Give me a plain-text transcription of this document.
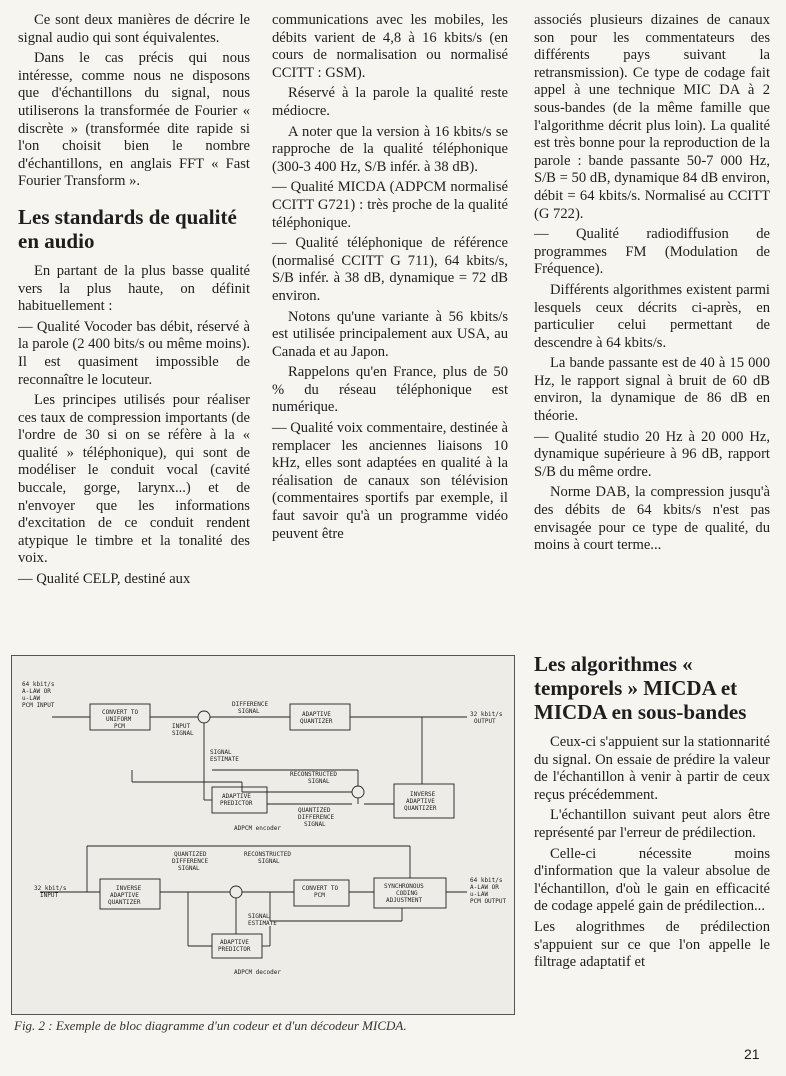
Ce sont deux manières de décrire le signal audio qui sont équivalentes.

Dans le cas précis qui nous intéresse, comme nous ne disposons que d'échantillons du signal, nous utiliserons la transformée de Fourier « discrète » (transformée dite rapide si l'on choisit bien le nombre d'échantillons, en anglais FFT « Fast Fourier Transform ».

Les standards de qualité en audio

En partant de la plus basse qualité vers la plus haute, on définit habituellement :

— Qualité Vocoder bas débit, réservé à la parole (2 400 bits/s ou même moins). Il est quasiment impossible de reconnaître le locuteur.

Les principes utilisés pour réaliser ces taux de compression importants (de l'ordre de 30 si on se réfère à la « qualité » téléphonique), qui sont de modéliser le conduit vocal (cavité buccale, gorge, larynx...) et de n'envoyer que les informations d'excitation de ce conduit rendent atypique le timbre et la tonalité des voix.

— Qualité CELP, destiné aux

communications avec les mobiles, les débits varient de 4,8 à 16 kbits/s (en cours de normalisation ou normalisé CCITT : GSM).

Réservé à la parole la qualité reste médiocre.

A noter que la version à 16 kbits/s se rapproche de la qualité téléphonique (300-3 400 Hz, S/B infér. à 38 dB).

— Qualité MICDA (ADPCM normalisé CCITT G721) : très proche de la qualité téléphonique.

— Qualité téléphonique de référence (normalisé CCITT G 711), 64 kbits/s, S/B infér. à 38 dB, dynamique = 72 dB environ.

Notons qu'une variante à 56 kbits/s est utilisée principalement aux USA, au Canada et au Japon.

Rappelons qu'en France, plus de 50 % du réseau téléphonique est numérique.

— Qualité voix commentaire, destinée à remplacer les anciennes liaisons 10 kHz, elles sont adaptées en qualité à la réalisation de canaux son télévision (commentaires sportifs par exemple, il faut savoir qu'à un programme vidéo peuvent être

associés plusieurs dizaines de canaux son pour les commentateurs des différents pays suivant la retransmission). Ce type de codage fait appel à une technique MIC DA à 2 sous-bandes (de la même famille que l'algorithme décrit plus loin). La qualité est très bonne pour la reproduction de la parole : bande passante 50-7 000 Hz, S/B = 50 dB, dynamique 84 dB environ, débit = 64 kbits/s. Normalisé au CCITT (G 722).

— Qualité radiodiffusion de programmes FM (Modulation de Fréquence).

Différents algorithmes existent parmi lesquels ceux décrits ci-après, en particulier celui permettant de descendre à 64 kbits/s.

La bande passante est de 40 à 15 000 Hz, le rapport signal à bruit de 60 dB environ, la dynamique de 86 dB en théorie.

— Qualité studio 20 Hz à 20 000 Hz, dynamique supérieure à 96 dB, rapport S/B du même ordre.

Norme DAB, la compression jusqu'à des débits de 64 kbits/s n'est pas envisagée pour ce type de qualité, du moins à court terme...

Les algorithmes « temporels » MICDA et MICDA en sous-bandes

Ceux-ci s'appuient sur la stationnarité du signal. On essaie de prédire la valeur de l'échantillon à venir à partir de ceux reçus précédemment.

L'échantillon suivant peut alors être représenté par l'erreur de prédilection.

Celle-ci nécessite moins d'information que la valeur absolue de l'échantillon, d'où le gain en efficacité de codage appelé gain de prédilection...

Les alogrithmes de prédilection s'appuient sur ce que l'on appelle le filtrage adaptatif et

64 kbit/s A-LAW OR u-LAW PCM INPUT
CONVERT TO UNIFORM PCM	INPUT SIGNAL
DIFFERENCE SIGNAL	ADAPTIVE QUANTIZER
32 kbit/s OUTPUT
SIGNAL ESTIMATE
RECONSTRUCTED SIGNAL
ADAPTIVE PREDICTOR
INVERSE ADAPTIVE QUANTIZER
QUANTIZED DIFFERENCE SIGNAL
ADPCM encoder
32 kbit/s INPUT
INVERSE ADAPTIVE QUANTIZER
QUANTIZED DIFFERENCE SIGNAL
RECONSTRUCTED SIGNAL
CONVERT TO PCM
SYNCHRONOUS CODING ADJUSTMENT
64 kbit/s A-LAW OR u-LAW PCM OUTPUT
SIGNAL ESTIMATE
ADAPTIVE PREDICTOR
ADPCM decoder
Fig. 2 : Exemple de bloc diagramme d'un codeur et d'un décodeur MICDA.
21
